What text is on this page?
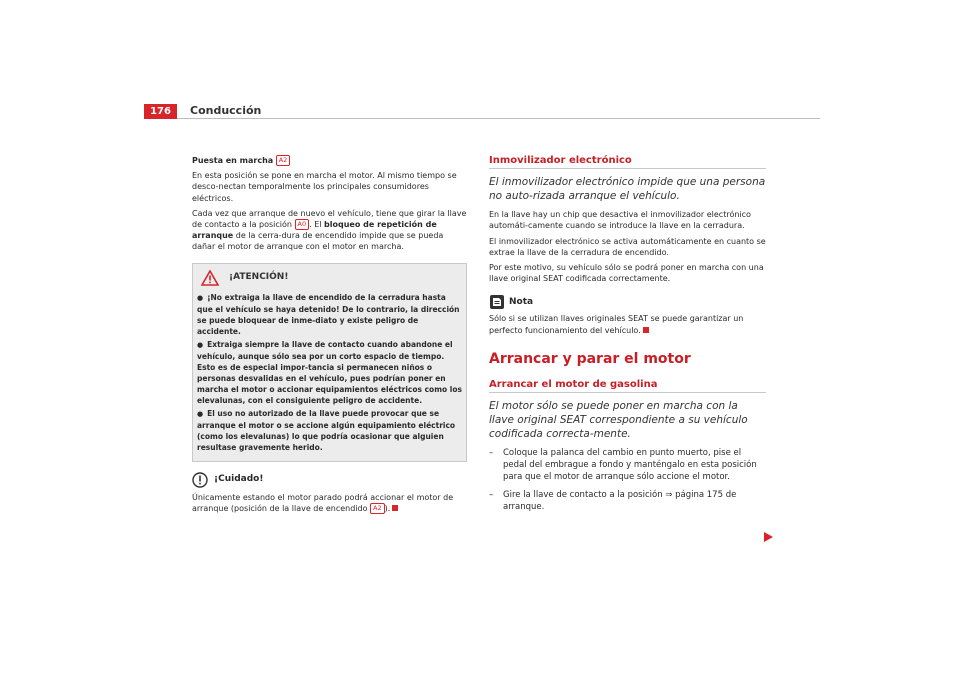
176	Conducción

Puesta en marcha A2

En esta posición se pone en marcha el motor. Al mismo tiempo se desco-nectan temporalmente los principales consumidores eléctricos.

Cada vez que arranque de nuevo el vehículo, tiene que girar la llave de contacto a la posición A0 . El bloqueo de repetición de arranque de la cerra-dura de encendido impide que se pueda dañar el motor de arranque con el motor en marcha.

¡ATENCIÓN!

● ¡No extraiga la llave de encendido de la cerradura hasta que el vehículo se haya detenido! De lo contrario, la dirección se puede bloquear de inme-diato y existe peligro de accidente.

● Extraiga siempre la llave de contacto cuando abandone el vehículo, aunque sólo sea por un corto espacio de tiempo. Esto es de especial impor-tancia si permanecen niños o personas desvalidas en el vehículo, pues podrían poner en marcha el motor o accionar equipamientos eléctricos como los elevalunas, con el consiguiente peligro de accidente.

● El uso no autorizado de la llave puede provocar que se arranque el motor o se accione algún equipamiento eléctrico (como los elevalunas) lo que podría ocasionar que alguien resultase gravemente herido.

¡Cuidado!

Únicamente estando el motor parado podrá accionar el motor de arranque (posición de la llave de encendido A2 ).

Inmovilizador electrónico
El inmovilizador electrónico impide que una persona no auto-rizada arranque el vehículo.

En la llave hay un chip que desactiva el inmovilizador electrónico automáti-camente cuando se introduce la llave en la cerradura.

El inmovilizador electrónico se activa automáticamente en cuanto se extrae la llave de la cerradura de encendido.

Por este motivo, su vehículo sólo se podrá poner en marcha con una llave original SEAT codificada correctamente.

Nota

Sólo si se utilizan llaves originales SEAT se puede garantizar un perfecto funcionamiento del vehículo.

Arrancar y parar el motor
Arrancar el motor de gasolina
El motor sólo se puede poner en marcha con la llave original SEAT correspondiente a su vehículo codificada correcta-mente.
–	Coloque la palanca del cambio en punto muerto, pise el pedal del embrague a fondo y manténgalo en esta posición para que el motor de arranque sólo accione el motor.
–	Gire la llave de contacto a la posición ⇒ página 175 de arranque.
